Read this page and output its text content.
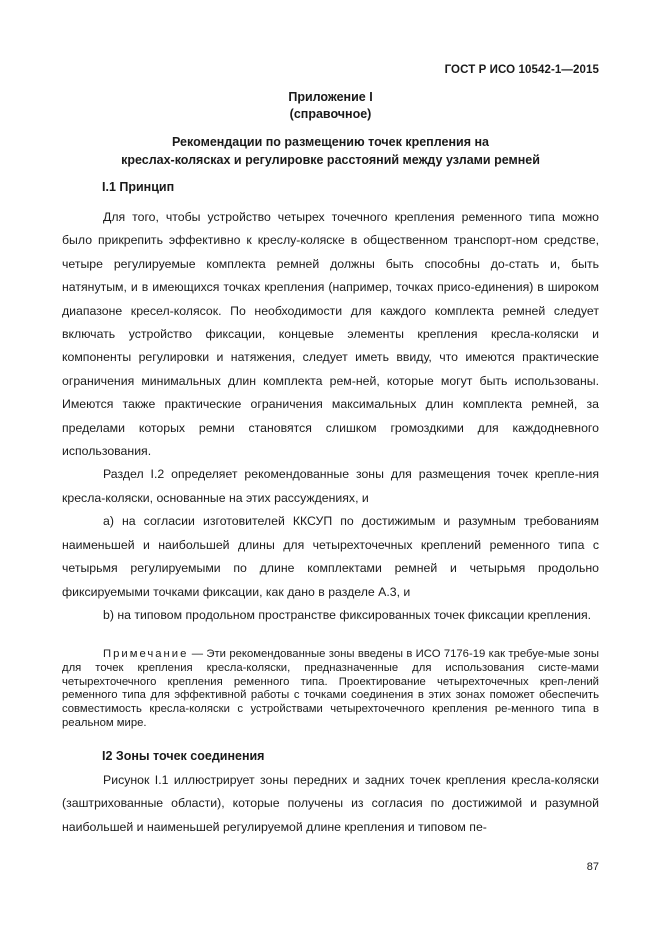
ГОСТ Р ИСО 10542-1—2015
Приложение I
(справочное)
Рекомендации по размещению точек крепления на
креслах-колясках и регулировке расстояний между узлами ремней
I.1 Принцип

Для того, чтобы устройство четырех точечного крепления ременного типа можно было прикрепить эффективно к креслу-коляске в общественном транспорт-ном средстве, четыре регулируемые комплекта ремней должны быть способны до-стать и, быть натянутым, и в имеющихся точках крепления (например, точках присо-единения) в широком диапазоне кресел-колясок. По необходимости для каждого комплекта ремней следует включать устройство фиксации, концевые элементы крепления кресла-коляски и компоненты регулировки и натяжения, следует иметь ввиду, что имеются практические ограничения минимальных длин комплекта рем-ней, которые могут быть использованы. Имеются также практические ограничения максимальных длин комплекта ремней, за пределами которых ремни становятся слишком громоздкими для каждодневного использования.

Раздел I.2 определяет рекомендованные зоны для размещения точек крепле-ния кресла-коляски, основанные на этих рассуждениях, и

а) на согласии изготовителей ККСУП по достижимым и разумным требованиям наименьшей и наибольшей длины для четырехточечных креплений ременного типа с четырьмя регулируемыми по длине комплектами ремней и четырьмя продольно фиксируемыми точками фиксации, как дано в разделе А.3, и

b) на типовом продольном пространстве фиксированных точек фиксации крепления.

Примечание — Эти рекомендованные зоны введены в ИСО 7176-19 как требуе-мые зоны для точек крепления кресла-коляски, предназначенные для использования систе-мами четырехточечного крепления ременного типа. Проектирование четырехточечных креп-лений ременного типа для эффективной работы с точками соединения в этих зонах поможет обеспечить совместимость кресла-коляски с устройствами четырехточечного крепления ре-менного типа в реальном мире.

I2 Зоны точек соединения

Рисунок I.1 иллюстрирует зоны передних и задних точек крепления кресла-коляски (заштрихованные области), которые получены из согласия по достижимой и разумной наибольшей и наименьшей регулируемой длине крепления и типовом пе-

87
